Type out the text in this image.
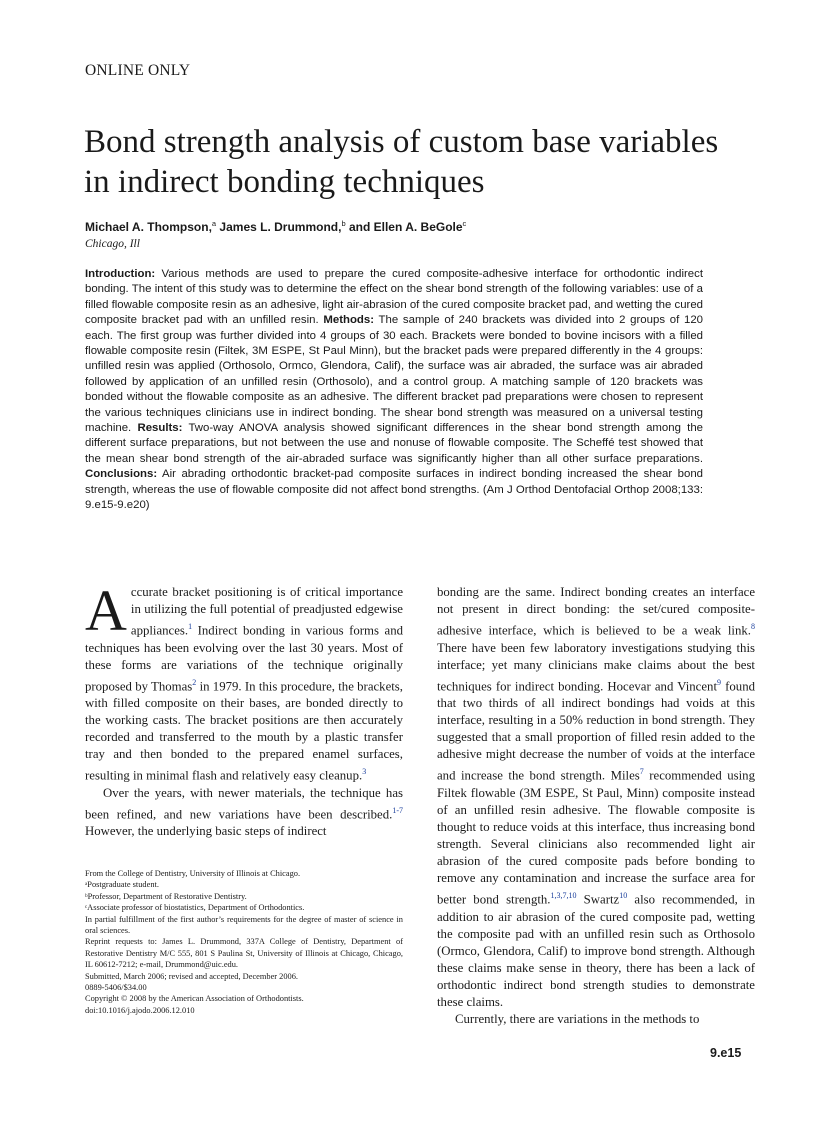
ONLINE ONLY
Bond strength analysis of custom base variables in indirect bonding techniques
Michael A. Thompson,$^a$ James L. Drummond,$^b$ and Ellen A. BeGole$^c$
Chicago, Ill

Introduction: Various methods are used to prepare the cured composite-adhesive interface for orthodontic indirect bonding. The intent of this study was to determine the effect on the shear bond strength of the following variables: use of a filled flowable composite resin as an adhesive, light air-abrasion of the cured composite bracket pad, and wetting the cured composite bracket pad with an unfilled resin. Methods: The sample of 240 brackets was divided into 2 groups of 120 each. The first group was further divided into 4 groups of 30 each. Brackets were bonded to bovine incisors with a filled flowable composite resin (Filtek, 3M ESPE, St Paul Minn), but the bracket pads were prepared differently in the 4 groups: unfilled resin was applied (Orthosolo, Ormco, Glendora, Calif), the surface was air abraded, the surface was air abraded followed by application of an unfilled resin (Orthosolo), and a control group. A matching sample of 120 brackets was bonded without the flowable composite as an adhesive. The different bracket pad preparations were chosen to represent the various techniques clinicians use in indirect bonding. The shear bond strength was measured on a universal testing machine. Results: Two-way ANOVA analysis showed significant differences in the shear bond strength among the different surface preparations, but not between the use and nonuse of flowable composite. The Scheffé test showed that the mean shear bond strength of the air-abraded surface was significantly higher than all other surface preparations. Conclusions: Air abrading orthodontic bracket-pad composite surfaces in indirect bonding increased the shear bond strength, whereas the use of flowable composite did not affect bond strengths. (Am J Orthod Dentofacial Orthop 2008;133: 9.e15-9.e20)

Accurate bracket positioning is of critical importance in utilizing the full potential of preadjusted edgewise appliances.$^1$ Indirect bonding in various forms and techniques has been evolving over the last 30 years. Most of these forms are variations of the technique originally proposed by Thomas$^2$ in 1979. In this procedure, the brackets, with filled composite on their bases, are bonded directly to the working casts. The bracket positions are then accurately recorded and transferred to the mouth by a plastic transfer tray and then bonded to the prepared enamel surfaces, resulting in minimal flash and relatively easy cleanup.$^3$

Over the years, with newer materials, the technique has been refined, and new variations have been described.$^{1-7}$ However, the underlying basic steps of indirect

From the College of Dentistry, University of Illinois at Chicago.

ᵃPostgraduate student.

ᵇProfessor, Department of Restorative Dentistry.

ᶜAssociate professor of biostatistics, Department of Orthodontics.

In partial fulfillment of the first author’s requirements for the degree of master of science in oral sciences.

Reprint requests to: James L. Drummond, 337A College of Dentistry, Department of Restorative Dentistry M/C 555, 801 S Paulina St, University of Illinois at Chicago, Chicago, IL 60612-7212; e-mail, Drummond@uic.edu.

Submitted, March 2006; revised and accepted, December 2006.

0889-5406/$34.00

Copyright © 2008 by the American Association of Orthodontists.

doi:10.1016/j.ajodo.2006.12.010

bonding are the same. Indirect bonding creates an interface not present in direct bonding: the set/cured composite-adhesive interface, which is believed to be a weak link.$^8$ There have been few laboratory investigations studying this interface; yet many clinicians make claims about the best techniques for indirect bonding. Hocevar and Vincent$^9$ found that two thirds of all indirect bondings had voids at this interface, resulting in a 50% reduction in bond strength. They suggested that a small proportion of filled resin added to the adhesive might decrease the number of voids at the interface and increase the bond strength. Miles$^7$ recommended using Filtek flowable (3M ESPE, St Paul, Minn) composite instead of an unfilled resin adhesive. The flowable composite is thought to reduce voids at this interface, thus increasing bond strength. Several clinicians also recommended light air abrasion of the cured composite pads before bonding to remove any contamination and increase the surface area for better bond strength.$^{1,3,7,10}$ Swartz$^{10}$ also recommended, in addition to air abrasion of the cured composite pad, wetting the composite pad with an unfilled resin such as Orthosolo (Ormco, Glendora, Calif) to improve bond strength. Although these claims make sense in theory, there has been a lack of orthodontic indirect bond strength studies to demonstrate these claims.

Currently, there are variations in the methods to

9.e15
